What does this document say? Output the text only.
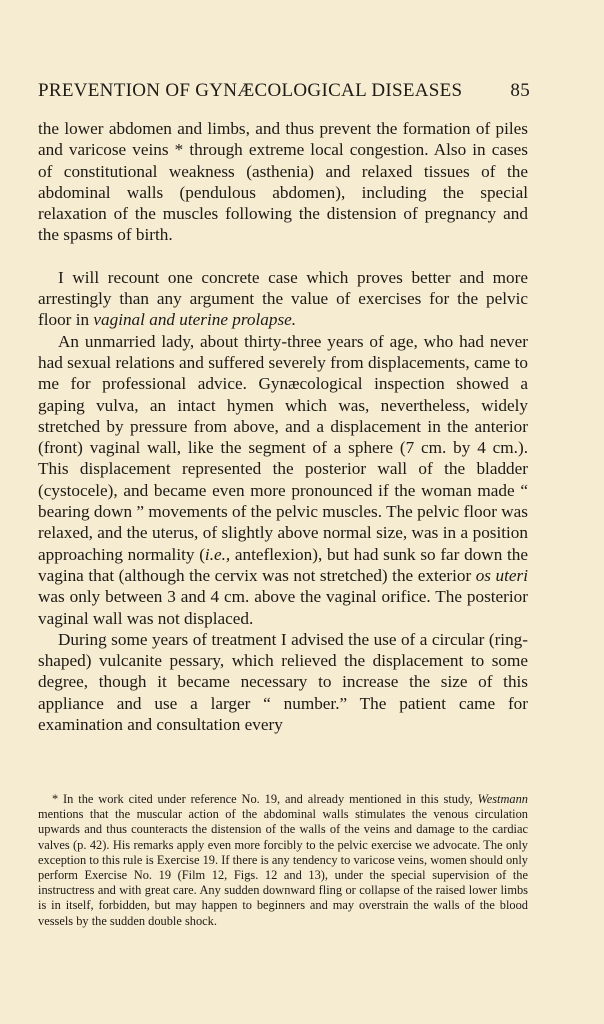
PREVENTION OF GYNÆCOLOGICAL DISEASES	85

the lower abdomen and limbs, and thus prevent the formation of piles and varicose veins * through extreme local congestion. Also in cases of constitutional weakness (asthenia) and relaxed tissues of the abdominal walls (pendulous abdomen), including the special relaxation of the muscles following the distension of pregnancy and the spasms of birth.

I will recount one concrete case which proves better and more arrestingly than any argument the value of exercises for the pelvic floor in vaginal and uterine prolapse.

An unmarried lady, about thirty-three years of age, who had never had sexual relations and suffered severely from displacements, came to me for professional advice. Gynæcological inspection showed a gaping vulva, an intact hymen which was, nevertheless, widely stretched by pressure from above, and a displacement in the anterior (front) vaginal wall, like the segment of a sphere (7 cm. by 4 cm.). This displacement represented the posterior wall of the bladder (cystocele), and became even more pronounced if the woman made “ bearing down ” movements of the pelvic muscles. The pelvic floor was relaxed, and the uterus, of slightly above normal size, was in a position approaching normality (i.e., anteflexion), but had sunk so far down the vagina that (although the cervix was not stretched) the exterior os uteri was only between 3 and 4 cm. above the vaginal orifice. The posterior vaginal wall was not displaced.

During some years of treatment I advised the use of a circular (ring-shaped) vulcanite pessary, which relieved the displacement to some degree, though it became necessary to increase the size of this appliance and use a larger “ number.” The patient came for examination and consultation every

* In the work cited under reference No. 19, and already mentioned in this study, Westmann mentions that the muscular action of the abdominal walls stimulates the venous circulation upwards and thus counteracts the distension of the walls of the veins and damage to the cardiac valves (p. 42). His remarks apply even more forcibly to the pelvic exercise we advocate. The only exception to this rule is Exercise 19. If there is any tendency to varicose veins, women should only perform Exercise No. 19 (Film 12, Figs. 12 and 13), under the special supervision of the instructress and with great care. Any sudden downward fling or collapse of the raised lower limbs is in itself, forbidden, but may happen to beginners and may overstrain the walls of the blood vessels by the sudden double shock.
